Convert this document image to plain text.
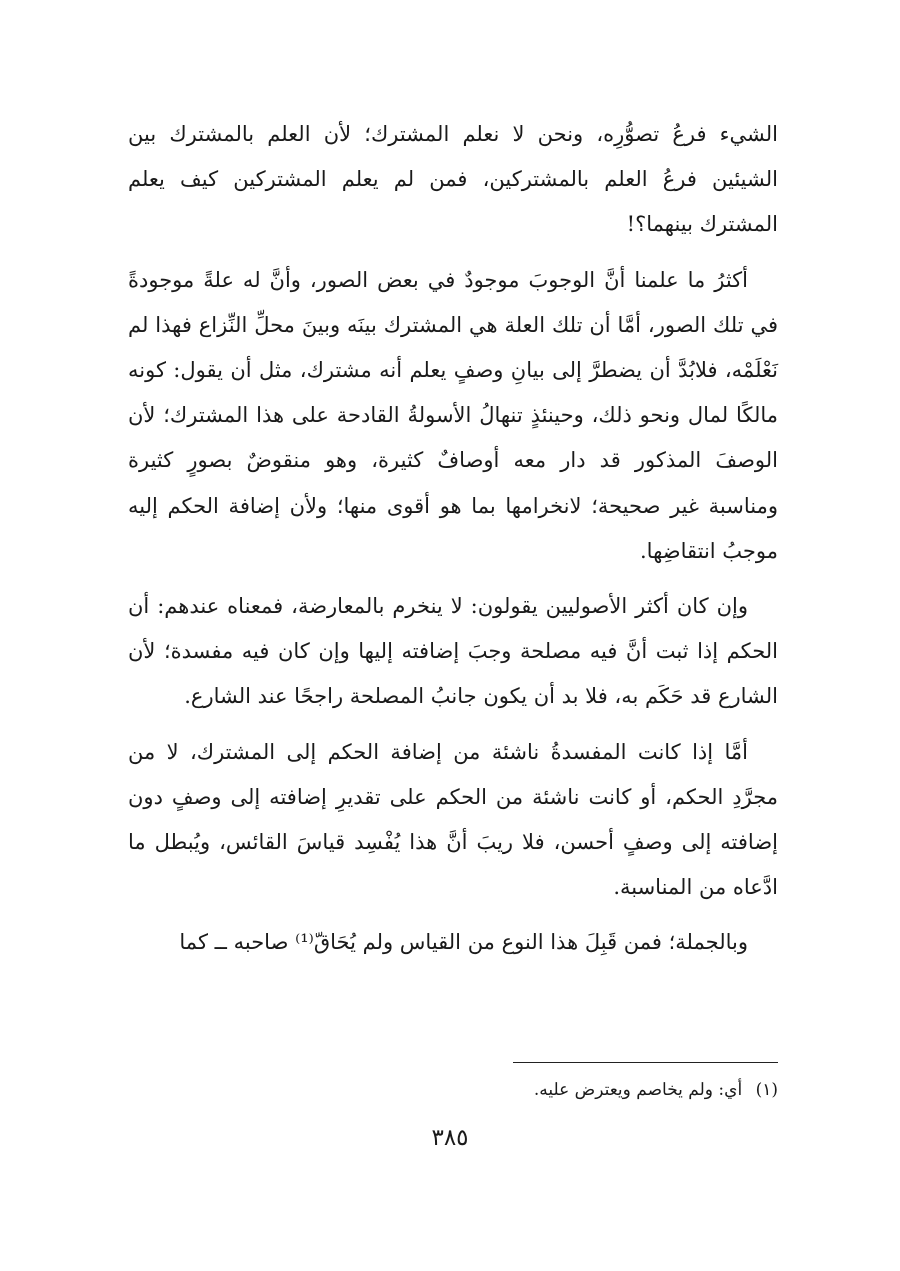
الشيء فرعُ تصوُّرِه، ونحن لا نعلم المشترك؛ لأن العلم بالمشترك بين الشيئين فرعُ العلم بالمشتركين، فمن لم يعلم المشتركين كيف يعلم المشترك بينهما؟!

أكثرُ ما علمنا أنَّ الوجوبَ موجودٌ في بعض الصور، وأنَّ له علةً موجودةً في تلك الصور، أمَّا أن تلك العلة هي المشترك بينَه وبينَ محلِّ النِّزاع فهذا لم نَعْلَمْه، فلابُدَّ أن يضطرَّ إلى بيانِ وصفٍ يعلم أنه مشترك، مثل أن يقول: كونه مالكًا لمال ونحو ذلك، وحينئذٍ تنهالُ الأسولةُ القادحة على هذا المشترك؛ لأن الوصفَ المذكور قد دار معه أوصافٌ كثيرة، وهو منقوضٌ بصورٍ كثيرة ومناسبة غير صحيحة؛ لانخرامها بما هو أقوى منها؛ ولأن إضافة الحكم إليه موجبُ انتقاضِها.

وإن كان أكثر الأصوليين يقولون: لا ينخرم بالمعارضة، فمعناه عندهم: أن الحكم إذا ثبت أنَّ فيه مصلحة وجبَ إضافته إليها وإن كان فيه مفسدة؛ لأن الشارع قد حَكَم به، فلا بد أن يكون جانبُ المصلحة راجحًا عند الشارع.

أمَّا إذا كانت المفسدةُ ناشئة من إضافة الحكم إلى المشترك، لا من مجرَّدِ الحكم، أو كانت ناشئة من الحكم على تقديرِ إضافته إلى وصفٍ دون إضافته إلى وصفٍ أحسن، فلا ريبَ أنَّ هذا يُفْسِد قياسَ القائس، ويُبطل ما ادَّعاه من المناسبة.

وبالجملة؛ فمن قَبِلَ هذا النوع من القياس ولم يُحَاقّ⁽¹⁾ صاحبه ــ كما

(١) أي: ولم يخاصم ويعترض عليه.
٣٨٥
